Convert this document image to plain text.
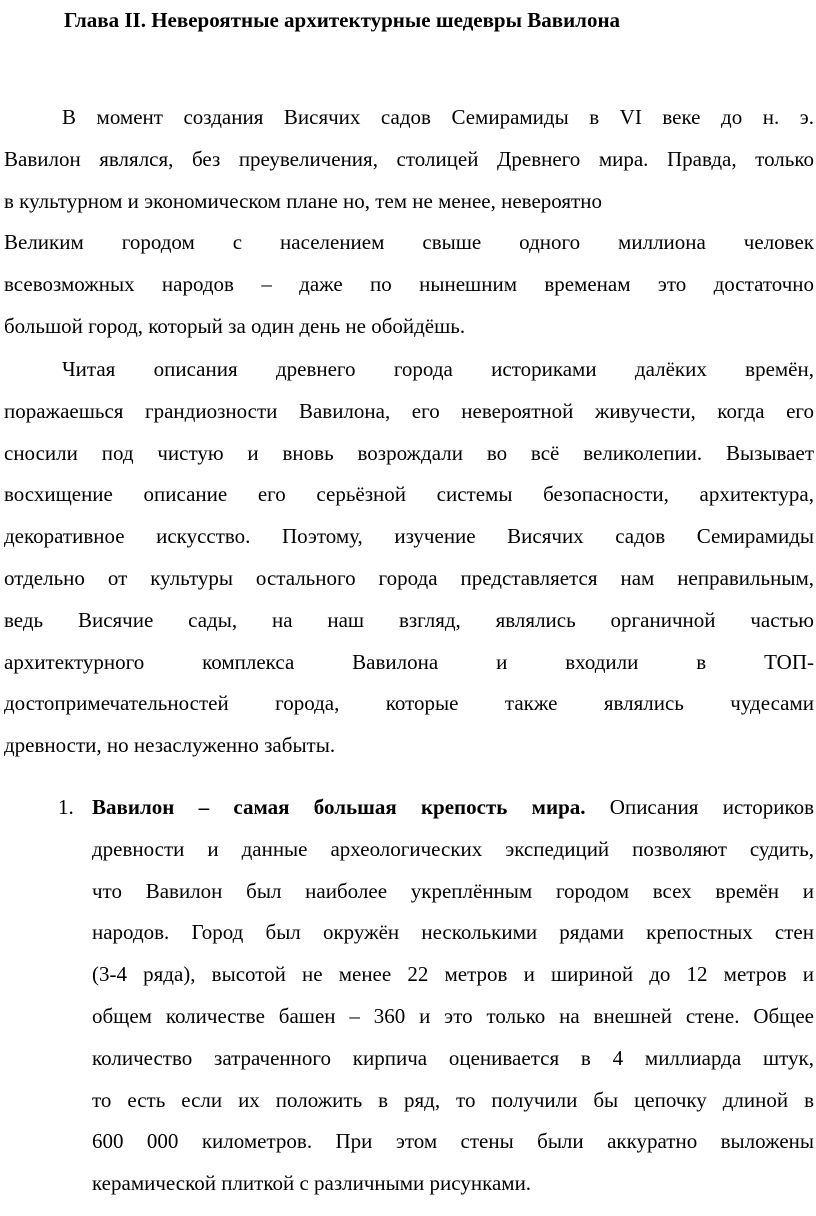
Глава II. Невероятные архитектурные шедевры Вавилона
В момент создания Висячих садов Семирамиды в VI веке до н. э.
Вавилон являлся, без преувеличения, столицей Древнего мира. Правда, только
в культурном и экономическом плане но, тем не менее, невероятно
Великим городом с населением свыше одного миллиона человек
всевозможных народов – даже по нынешним временам это достаточно
большой город, который за один день не обойдёшь.
Читая описания древнего города историками далёких времён,
поражаешься грандиозности Вавилона, его невероятной живучести, когда его
сносили под чистую и вновь возрождали во всё великолепии. Вызывает
восхищение описание его серьёзной системы безопасности, архитектура,
декоративное искусство. Поэтому, изучение Висячих садов Семирамиды
отдельно от культуры остального города представляется нам неправильным,
ведь Висячие сады, на наш взгляд, являлись органичной частью
архитектурного комплекса Вавилона и входили в ТОП-
достопримечательностей города, которые также являлись чудесами
древности, но незаслуженно забыты.
1. Вавилон – самая большая крепость мира. Описания историков
древности и данные археологических экспедиций позволяют судить,
что Вавилон был наиболее укреплённым городом всех времён и
народов. Город был окружён несколькими рядами крепостных стен
(3-4 ряда), высотой не менее 22 метров и шириной до 12 метров и
общем количестве башен – 360 и это только на внешней стене. Общее
количество затраченного кирпича оценивается в 4 миллиарда штук,
то есть если их положить в ряд, то получили бы цепочку длиной в
600 000 километров. При этом стены были аккуратно выложены
керамической плиткой с различными рисунками.
